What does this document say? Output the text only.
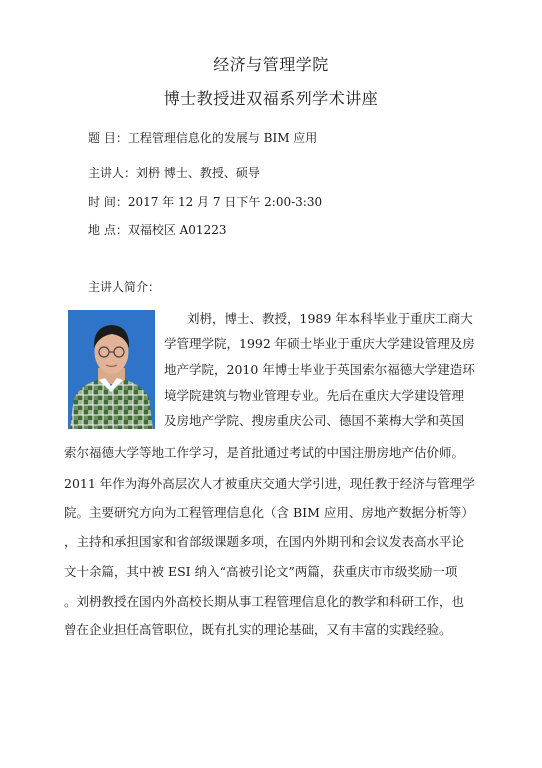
经济与管理学院
博士教授进双福系列学术讲座
题 目：工程管理信息化的发展与 BIM 应用
主讲人：刘枬 博士、教授、硕导
时 间：2017 年 12 月 7 日下午 2:00-3:30
地 点：双福校区 A01223
主讲人简介：
刘枬，博士、教授，1989 年本科毕业于重庆工商大
学管理学院，1992 年硕士毕业于重庆大学建设管理及房
地产学院，2010 年博士毕业于英国索尔福德大学建造环
境学院建筑与物业管理专业。先后在重庆大学建设管理
及房地产学院、搜房重庆公司、德国不莱梅大学和英国
索尔福德大学等地工作学习，是首批通过考试的中国注册房地产估价师。
2011 年作为海外高层次人才被重庆交通大学引进，现任教于经济与管理学
院。主要研究方向为工程管理信息化（含 BIM 应用、房地产数据分析等）
，主持和承担国家和省部级课题多项，在国内外期刊和会议发表高水平论
文十余篇，其中被 ESI 纳入“高被引论文”两篇，获重庆市市级奖励一项
。刘枬教授在国内外高校长期从事工程管理信息化的教学和科研工作，也
曾在企业担任高管职位，既有扎实的理论基础，又有丰富的实践经验。
